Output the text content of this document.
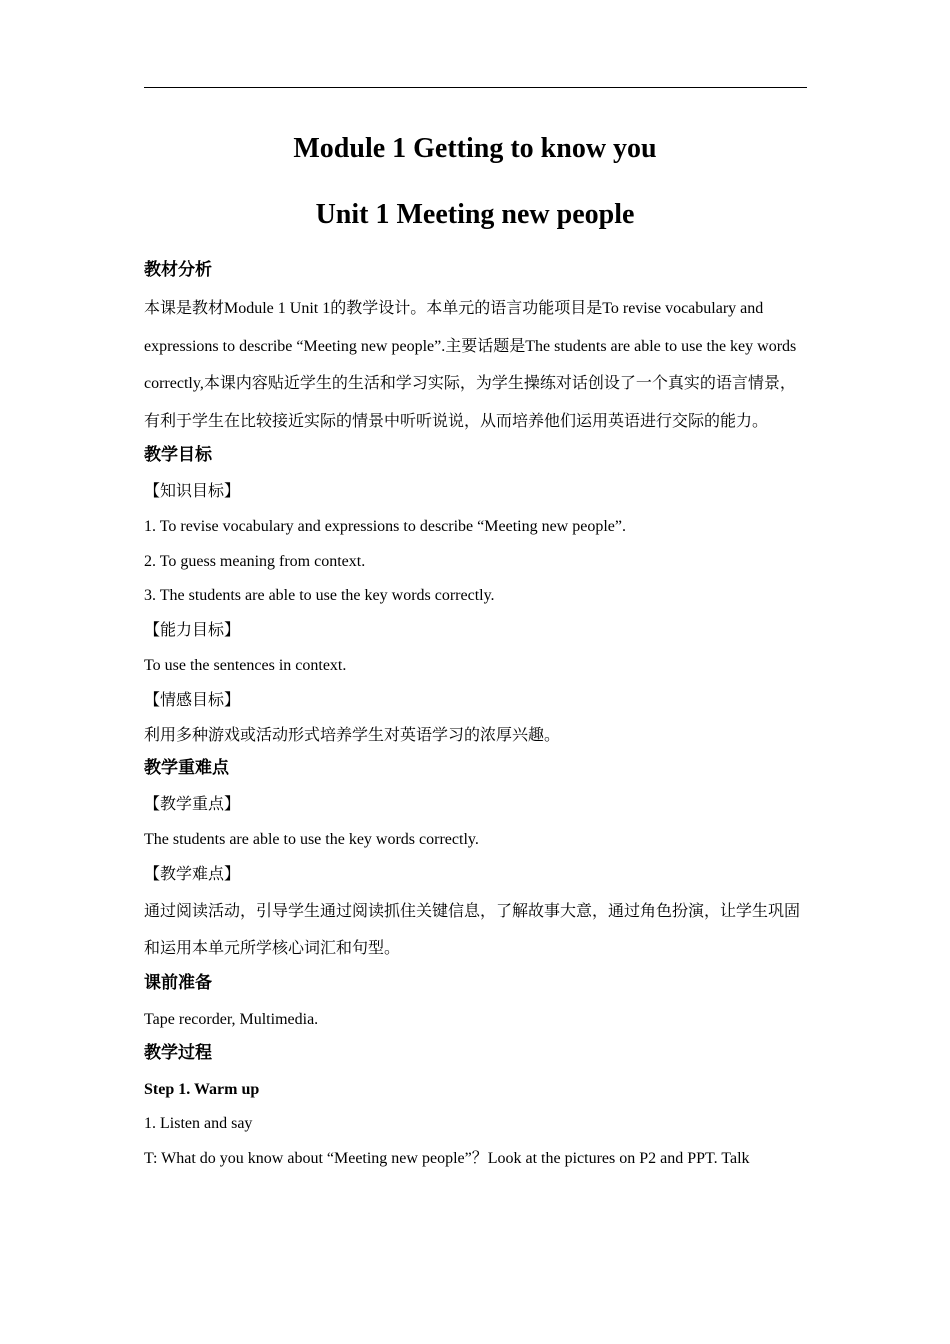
Module 1 Getting to know you
Unit 1 Meeting new people
教材分析
本课是教材Module 1 Unit 1的教学设计。本单元的语言功能项目是To revise vocabulary and expressions to describe “Meeting new people”.主要话题是The students are able to use the key words correctly,本课内容贴近学生的生活和学习实际，为学生操练对话创设了一个真实的语言情景，有利于学生在比较接近实际的情景中听听说说，从而培养他们运用英语进行交际的能力。
教学目标
【知识目标】
1. To revise vocabulary and expressions to describe “Meeting new people”.
2. To guess meaning from context.
3. The students are able to use the key words correctly.
【能力目标】
To use the sentences in context.
【情感目标】
利用多种游戏或活动形式培养学生对英语学习的浓厚兴趣。
教学重难点
【教学重点】
The students are able to use the key words correctly.
【教学难点】
通过阅读活动，引导学生通过阅读抓住关键信息，了解故事大意，通过角色扮演，让学生巩固和运用本单元所学核心词汇和句型。
课前准备
Tape recorder, Multimedia.
教学过程
Step 1. Warm up
1. Listen and say
T: What do you know about “Meeting new people”？Look at the pictures on P2 and PPT. Talk
